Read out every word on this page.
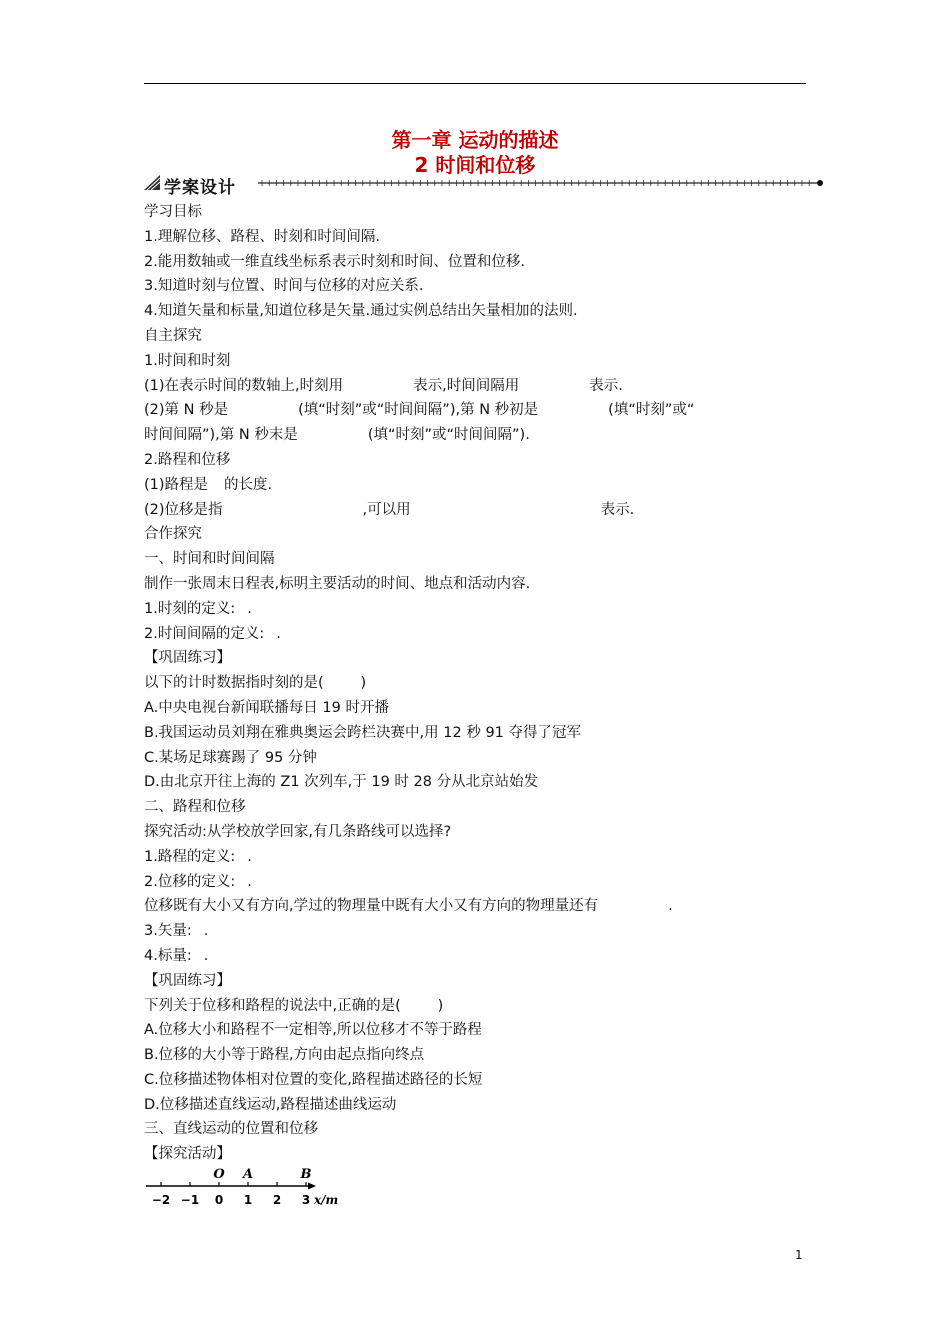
第一章 运动的描述
2 时间和位移
学案设计
学习目标
1.理解位移、路程、时刻和时间间隔.
2.能用数轴或一维直线坐标系表示时刻和时间、位置和位移.
3.知道时刻与位置、时间与位移的对应关系.
4.知道矢量和标量,知道位移是矢量.通过实例总结出矢量相加的法则.
自主探究
1.时间和时刻
(1)在表示时间的数轴上,时刻用	表示,时间间隔用	表示.
(2)第 N 秒是	(填“时刻”或“时间间隔”),第 N 秒初是	(填“时刻”或“
时间间隔”),第 N 秒末是	(填“时刻”或“时间间隔”).
2.路程和位移
(1)路程是 的长度.
(2)位移是指	,可以用	表示.
合作探究
一、时间和时间间隔
制作一张周末日程表,标明主要活动的时间、地点和活动内容.
1.时刻的定义: .
2.时间间隔的定义: .
【巩固练习】
以下的计时数据指时刻的是(        )
A.中央电视台新闻联播每日 19 时开播
B.我国运动员刘翔在雅典奥运会跨栏决赛中,用 12 秒 91 夺得了冠军
C.某场足球赛踢了 95 分钟
D.由北京开往上海的 Z1 次列车,于 19 时 28 分从北京站始发
二、路程和位移
探究活动:从学校放学回家,有几条路线可以选择?
1.路程的定义: .
2.位移的定义: .
位移既有大小又有方向,学过的物理量中既有大小又有方向的物理量还有	.
3.矢量: .
4.标量: .
【巩固练习】
下列关于位移和路程的说法中,正确的是(        )
A.位移大小和路程不一定相等,所以位移才不等于路程
B.位移的大小等于路程,方向由起点指向终点
C.位移描述物体相对位置的变化,路程描述路径的长短
D.位移描述直线运动,路程描述曲线运动
三、直线运动的位置和位移
【探究活动】
−2 −1 0 1 2 3
O A	B
x/m
1
